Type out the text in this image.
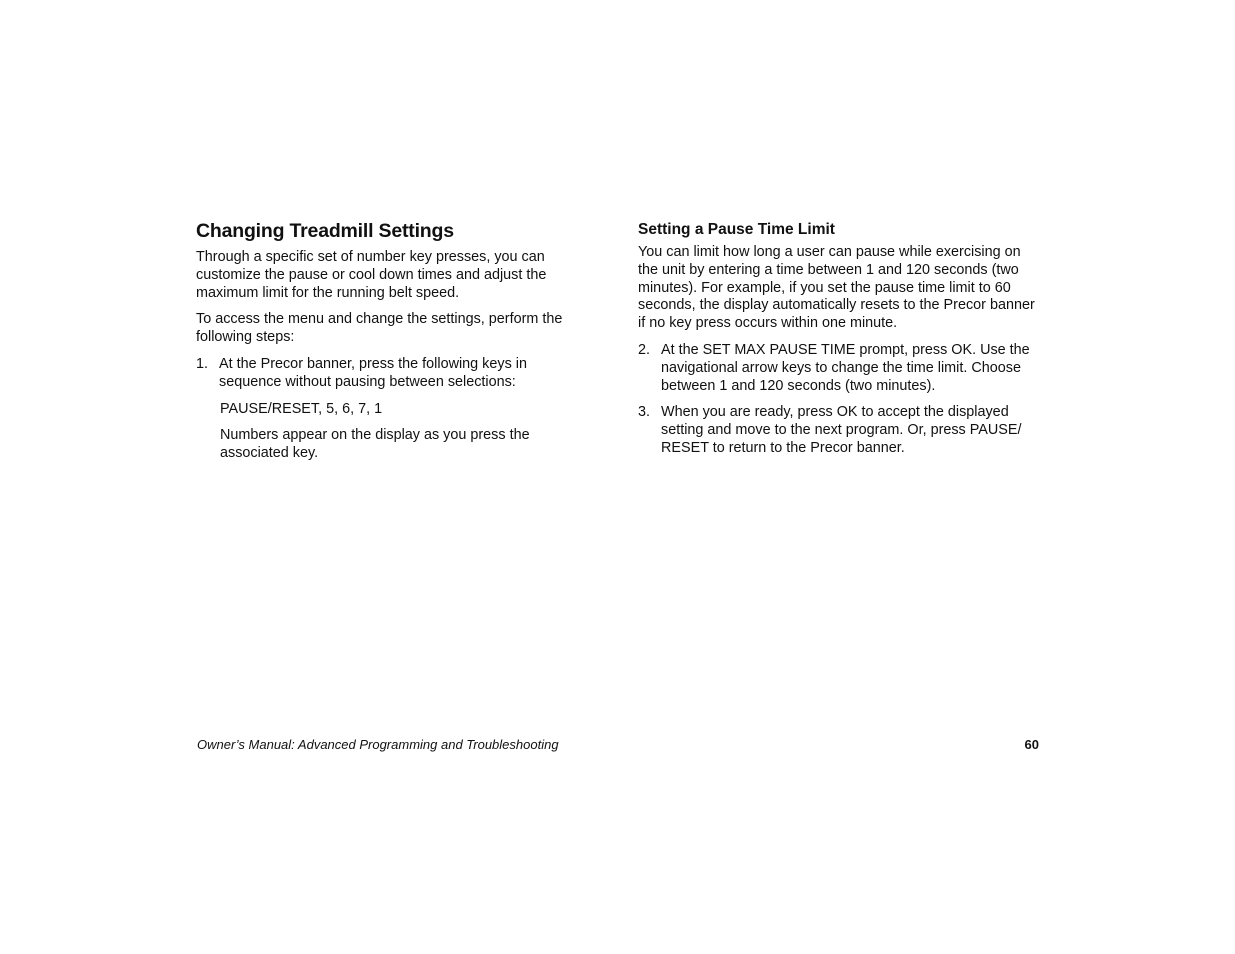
Changing Treadmill Settings

Through a specific set of number key presses, you can customize the pause or cool down times and adjust the maximum limit for the running belt speed.

To access the menu and change the settings, perform the following steps:

1. At the Precor banner, press the following keys in sequence without pausing between selections:

PAUSE/RESET, 5, 6, 7, 1

Numbers appear on the display as you press the associated key.

Setting a Pause Time Limit

You can limit how long a user can pause while exercising on the unit by entering a time between 1 and 120 seconds (two minutes). For example, if you set the pause time limit to 60 seconds, the display automatically resets to the Precor banner if no key press occurs within one minute.

2. At the SET MAX PAUSE TIME prompt, press OK. Use the navigational arrow keys to change the time limit. Choose between 1 and 120 seconds (two minutes).
3. When you are ready, press OK to accept the displayed setting and move to the next program. Or, press PAUSE/ RESET to return to the Precor banner.
Owner’s Manual: Advanced Programming and Troubleshooting	60
